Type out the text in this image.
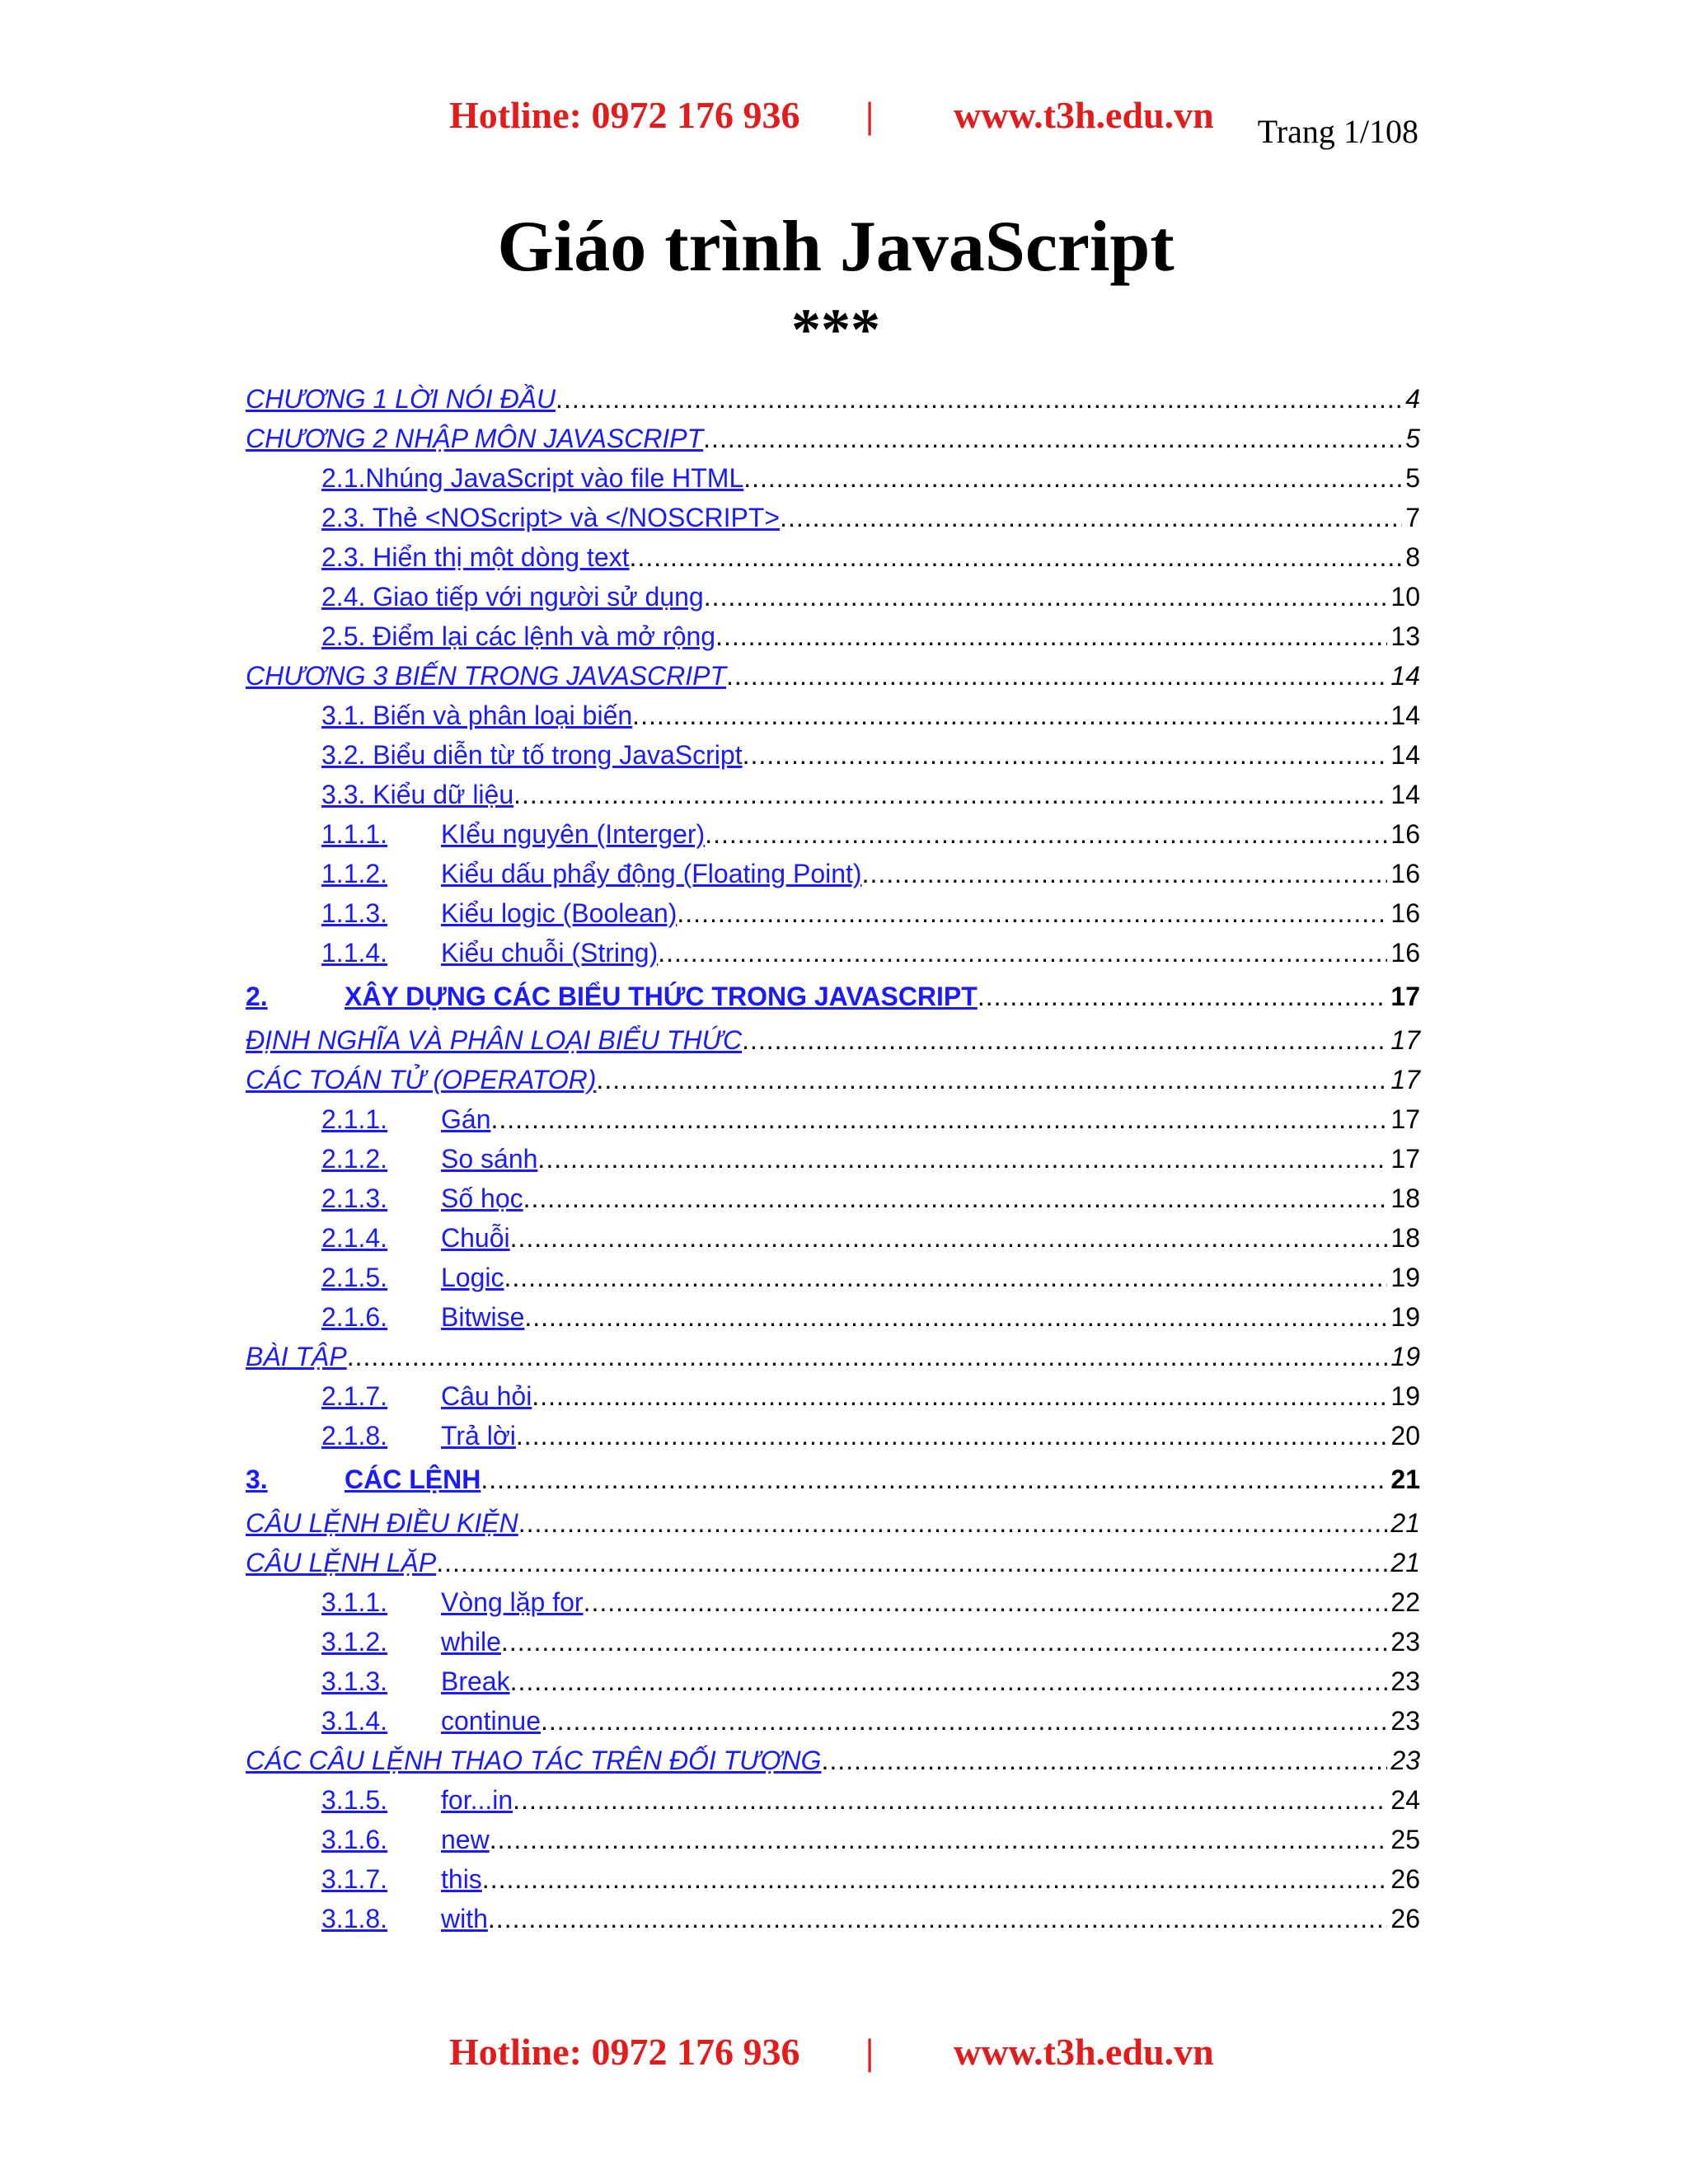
Hotline: 0972 176 936 | www.t3h.edu.vn Trang 1/108
Giáo trình JavaScript
***
CHƯƠNG 1 LỜI NÓI ĐẦU .....	4
CHƯƠNG 2 NHẬP MÔN JAVASCRIPT .....	5
2.1.Nhúng JavaScript vào file HTML .....	5
2.3. Thẻ <NOScript> và </NOSCRIPT> .....	7
2.3. Hiển thị một dòng text .....	8
2.4. Giao tiếp với người sử dụng .....	10
2.5. Điểm lại các lệnh và mở rộng .....	13
CHƯƠNG 3 BIẾN TRONG JAVASCRIPT .....	14
3.1. Biến và phân loại biến .....	14
3.2. Biểu diễn từ tố trong JavaScript .....	14
3.3. Kiểu dữ liệu .....	14
1.1.1.	KIểu nguyên (Interger) .....	16
1.1.2.	Kiểu dấu phẩy động (Floating Point) .....	16
1.1.3.	Kiểu logic (Boolean) .....	16
1.1.4.	Kiểu chuỗi (String) .....	16
2.	XÂY DỰNG CÁC BIỂU THỨC TRONG JAVASCRIPT .....	17
ĐỊNH NGHĨA VÀ PHÂN LOẠI BIỂU THỨC .....	17
CÁC TOÁN TỬ (OPERATOR) .....	17
2.1.1.	Gán .....	17
2.1.2.	So sánh .....	17
2.1.3.	Số học .....	18
2.1.4.	Chuỗi .....	18
2.1.5.	Logic .....	19
2.1.6.	Bitwise .....	19
BÀI TẬP .....	19
2.1.7.	Câu hỏi .....	19
2.1.8.	Trả lời .....	20
3.	CÁC LỆNH .....	21
CÂU LỆNH ĐIỀU KIỆN .....	21
CÂU LỆNH LẶP .....	21
3.1.1.	Vòng lặp for .....	22
3.1.2.	while .....	23
3.1.3.	Break .....	23
3.1.4.	continue .....	23
CÁC CÂU LỆNH THAO TÁC TRÊN ĐỐI TƯỢNG .....	23
3.1.5.	for...in .....	24
3.1.6.	new .....	25
3.1.7.	this .....	26
3.1.8.	with .....	26
Hotline: 0972 176 936 | www.t3h.edu.vn
